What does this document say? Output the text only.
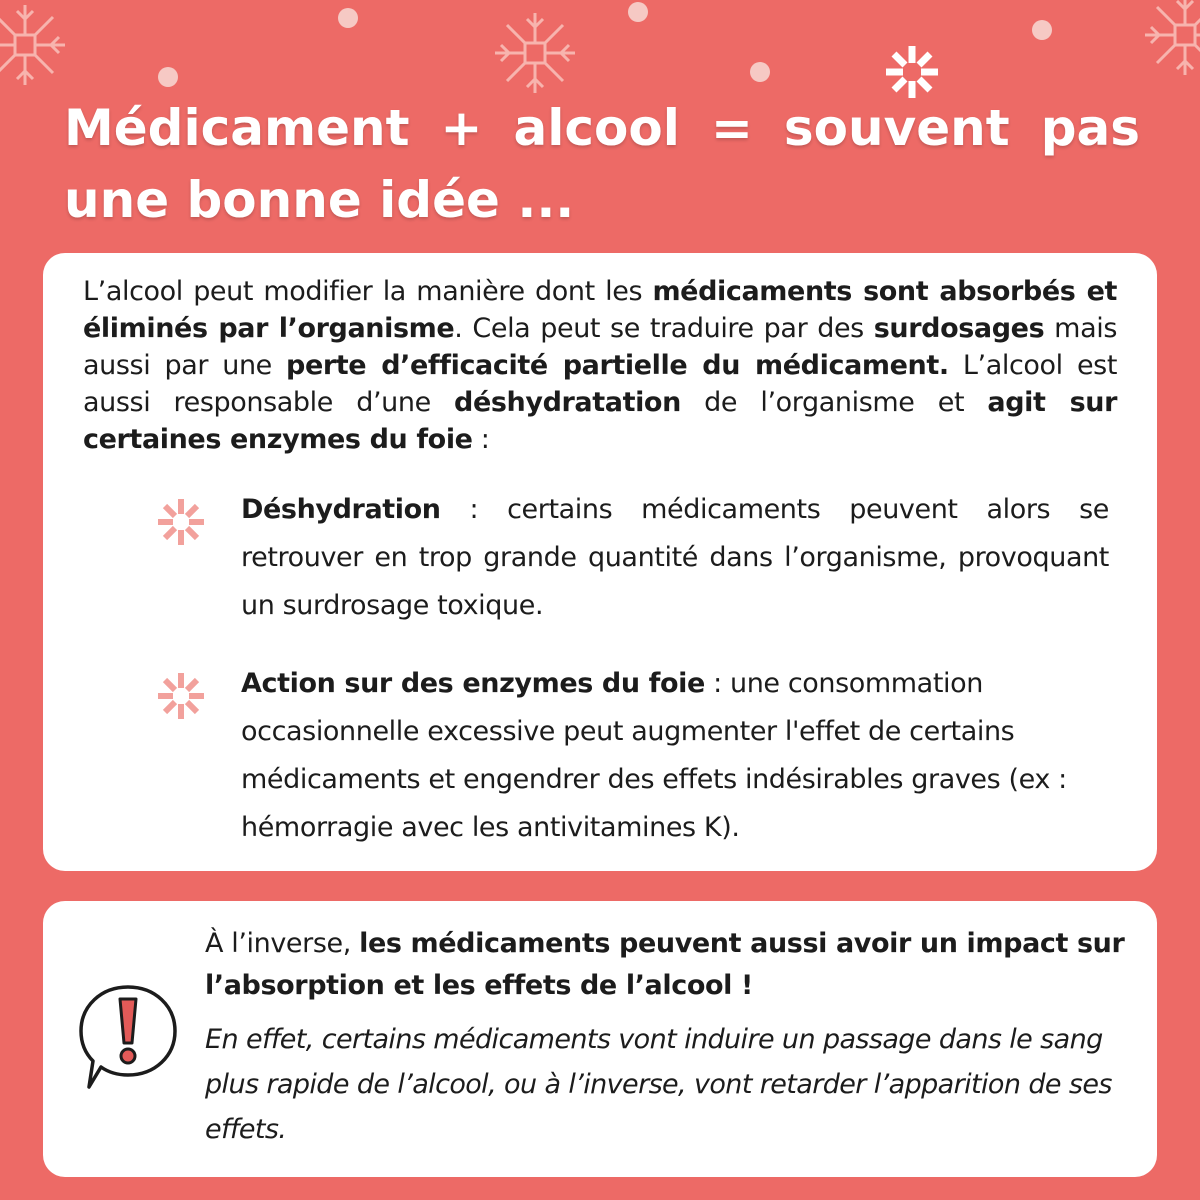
Médicament + alcool = souvent pas une bonne idée ...

L’alcool peut modifier la manière dont les médicaments sont absorbés et éliminés par l’organisme. Cela peut se traduire par des surdosages mais aussi par une perte d’efficacité partielle du médicament. L’alcool est aussi responsable d’une déshydratation de l’organisme et agit sur certaines enzymes du foie :

Déshydration : certains médicaments peuvent alors se retrouver en trop grande quantité dans l’organisme, provoquant un surdrosage toxique.

Action sur des enzymes du foie : une consommation occasionnelle excessive peut augmenter l'effet de certains médicaments et engendrer des effets indésirables graves (ex : hémorragie avec les antivitamines K).

À l’inverse, les médicaments peuvent aussi avoir un impact sur l’absorption et les effets de l’alcool !

En effet, certains médicaments vont induire un passage dans le sang plus rapide de l’alcool, ou à l’inverse, vont retarder l’apparition de ses effets.
